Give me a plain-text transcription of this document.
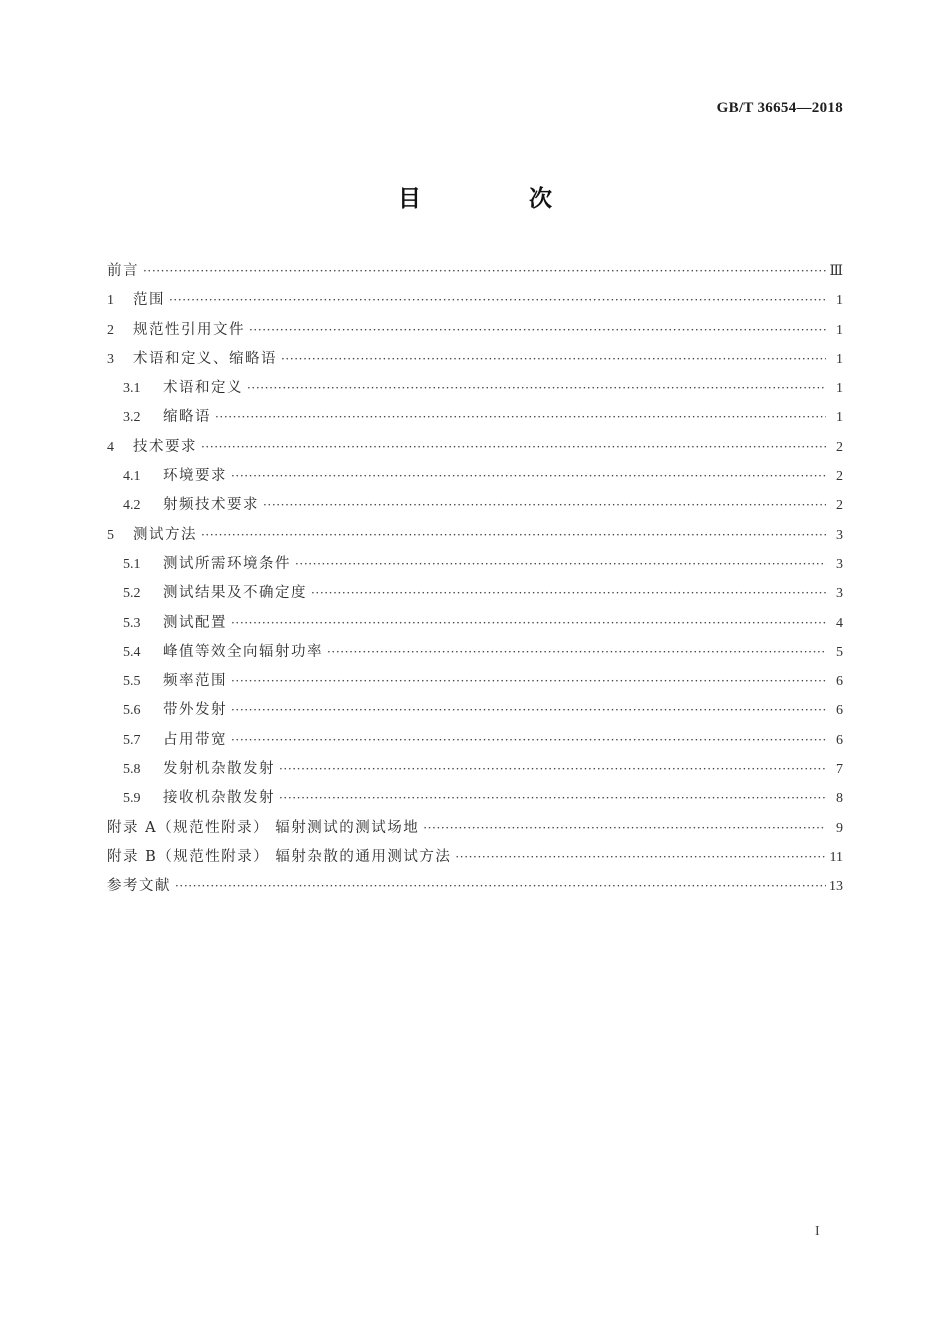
GB/T 36654—2018
目 次
前言 ·····	Ⅲ
1	范围 ·····	1
2	规范性引用文件 ·····	1
3	术语和定义、缩略语 ·····	1
3.1	术语和定义 ·····	1
3.2	缩略语 ·····	1
4	技术要求 ·····	2
4.1	环境要求 ·····	2
4.2	射频技术要求 ·····	2
5	测试方法 ·····	3
5.1	测试所需环境条件 ·····	3
5.2	测试结果及不确定度 ·····	3
5.3	测试配置 ·····	4
5.4	峰值等效全向辐射功率 ·····	5
5.5	频率范围 ·····	6
5.6	带外发射 ·····	6
5.7	占用带宽 ·····	6
5.8	发射机杂散发射 ·····	7
5.9	接收机杂散发射 ·····	8
附录 A（规范性附录） 辐射测试的测试场地 ·····	9
附录 B（规范性附录） 辐射杂散的通用测试方法 ·····	11
参考文献 ·····	13
I
